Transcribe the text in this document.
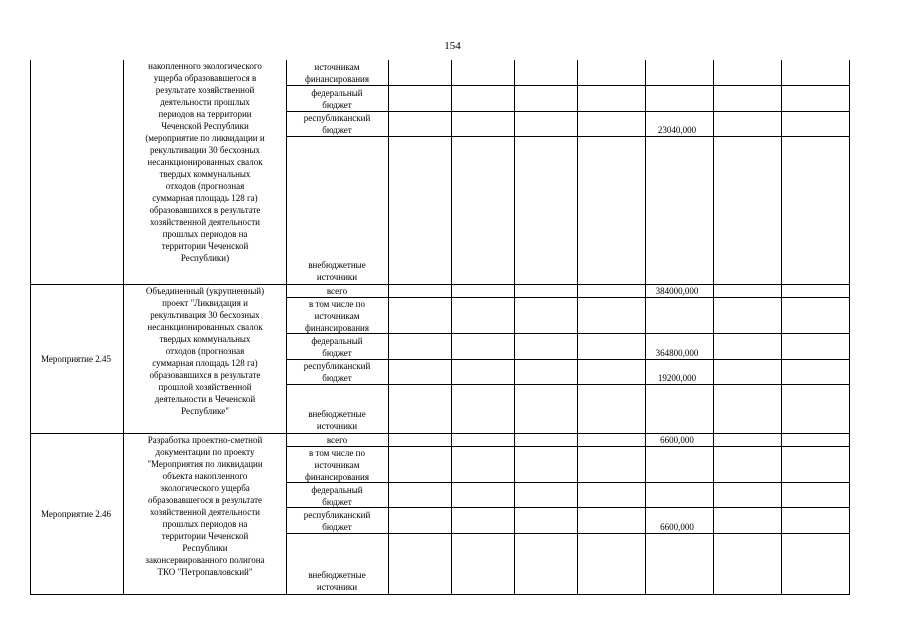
154
накопленного экологического
ущерба образовавшегося в
результате хозяйственной
деятельности прошлых
периодов на территории
Чеченской Республики
(мероприятие по ликвидации и
рекультивации 30 бесхозных
несанкционированных свалок
твердых коммунальных
отходов (прогнозная
суммарная площадь 128 га)
образовавшихся в результате
хозяйственной деятельности
прошлых периодов на
территории Чеченской
Республики)
источникам
финансирования
федеральный
бюджет
республиканский
бюджет
внебюджетные
источники
23040,000
Мероприятие 2.45
Объединенный (укрупненный)
проект "Ликвидация и
рекультивация 30 бесхозных
несанкционированных свалок
твердых коммунальных
отходов (прогнозная
суммарная площадь 128 га)
образовавшихся в результате
прошлой хозяйственной
деятельности в Чеченской
Республике"
всего
в том числе по
источникам
финансирования
федеральный
бюджет
республиканский
бюджет
внебюджетные
источники
384000,000
364800,000
19200,000
Мероприятие 2.46
Разработка проектно-сметной
документации по проекту
"Мероприятия по ликвидации
объекта накопленного
экологического ущерба
образовавшегося в результате
хозяйственной деятельности
прошлых периодов на
территории Чеченской
Республики
законсервированного полигона
ТКО "Петропавловский"
всего
в том числе по
источникам
финансирования
федеральный
бюджет
республиканский
бюджет
внебюджетные
источники
6600,000
6600,000
